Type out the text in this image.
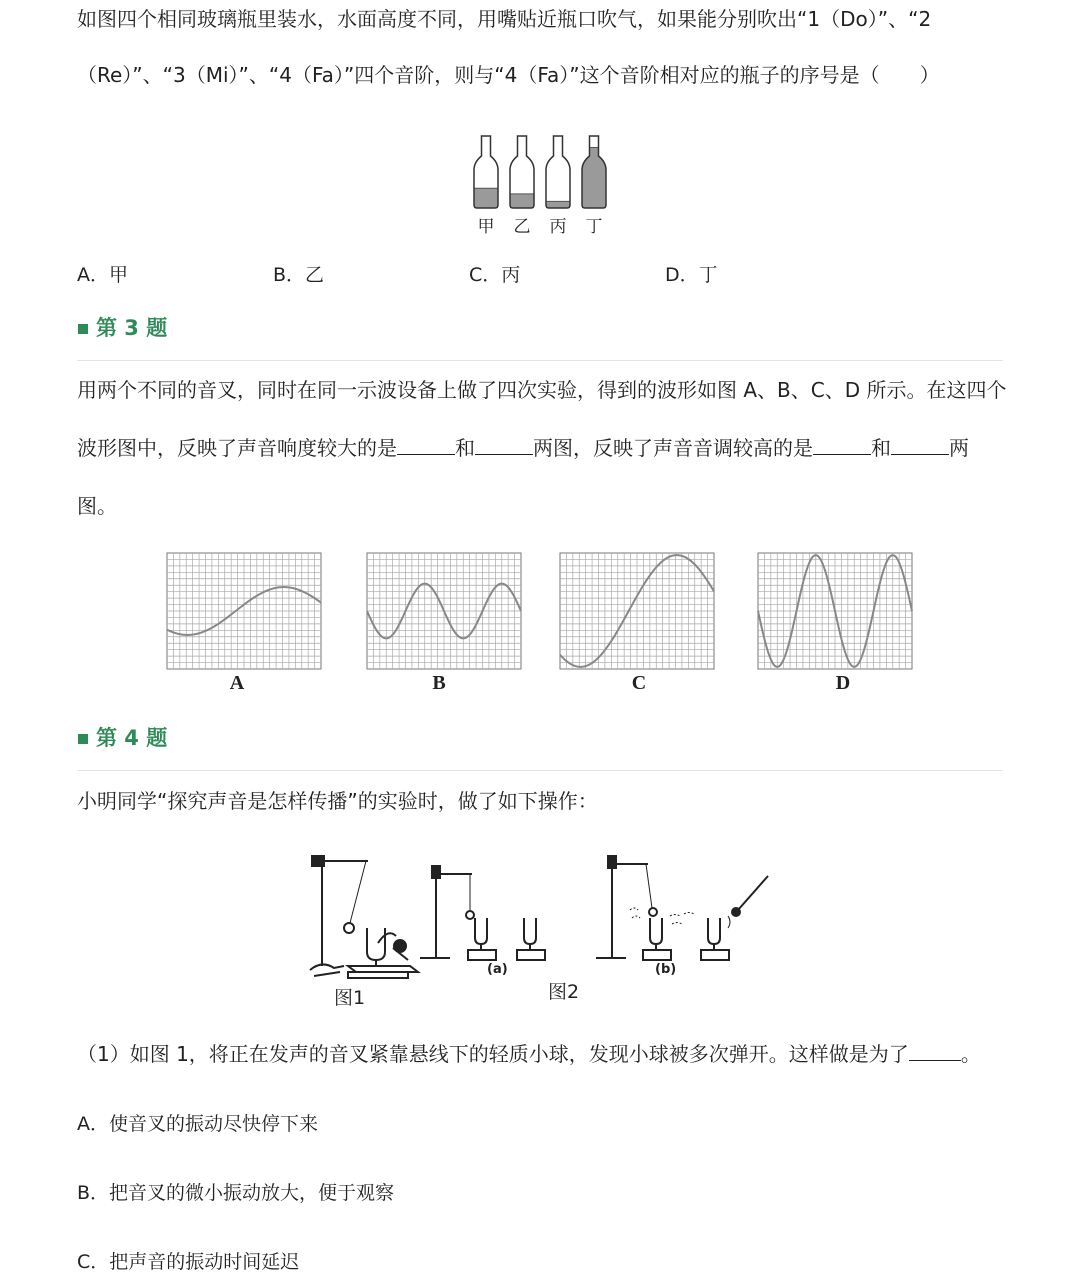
如图四个相同玻璃瓶里装水，水面高度不同，用嘴贴近瓶口吹气，如果能分别吹出“1（Do）”、“2
（Re）”、“3（Mi）”、“4（Fa）”四个音阶，则与“4（Fa）”这个音阶相对应的瓶子的序号是（　　）
甲 乙 丙 丁
A．甲	B．乙	C．丙	D．丁
第 3 题
用两个不同的音叉，同时在同一示波设备上做了四次实验，得到的波形如图 A、B、C、D 所示。在这四个
波形图中，反映了声音响度较大的是	和	两图，反映了声音音调较高的是	和	两
图。
A	B	C	D
第 4 题
小明同学“探究声音是怎样传播”的实验时，做了如下操作：
图1	图2
(a)	(b)
（1）如图 1，将正在发声的音叉紧靠悬线下的轻质小球，发现小球被多次弹开。这样做是为了	。
A．使音叉的振动尽快停下来
B．把音叉的微小振动放大，便于观察
C．把声音的振动时间延迟
